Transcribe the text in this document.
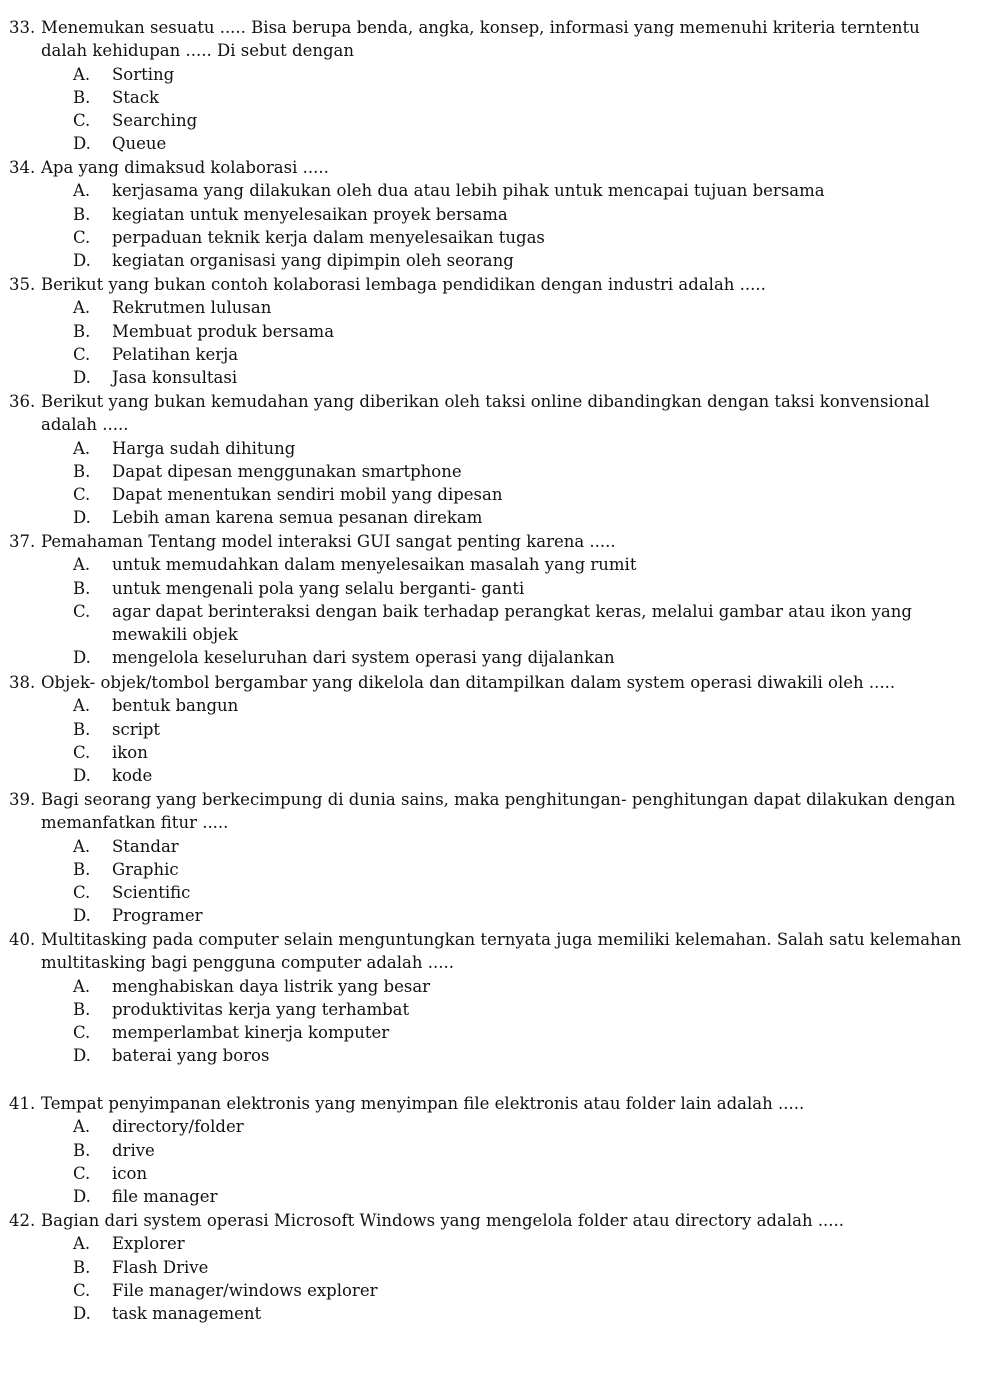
33. Menemukan sesuatu ..... Bisa berupa benda, angka, konsep, informasi yang memenuhi kriteria terntentu dalah kehidupan ..... Di sebut dengan
A.	Sorting
B.	Stack
C.	Searching
D.	Queue
34. Apa yang dimaksud kolaborasi .....
A.	kerjasama yang dilakukan oleh dua atau lebih pihak untuk mencapai tujuan bersama
B.	kegiatan untuk menyelesaikan proyek bersama
C.	perpaduan teknik kerja dalam menyelesaikan tugas
D.	kegiatan organisasi yang dipimpin oleh seorang
35. Berikut yang bukan contoh kolaborasi lembaga pendidikan dengan industri adalah .....
A.	Rekrutmen lulusan
B.	Membuat produk bersama
C.	Pelatihan kerja
D.	Jasa konsultasi
36. Berikut yang bukan kemudahan yang diberikan oleh taksi online dibandingkan dengan taksi konvensional adalah .....
A.	Harga sudah dihitung
B.	Dapat dipesan menggunakan smartphone
C.	Dapat menentukan sendiri mobil yang dipesan
D.	Lebih aman karena semua pesanan direkam
37. Pemahaman Tentang model interaksi GUI sangat penting karena .....
A.	untuk memudahkan dalam menyelesaikan masalah yang rumit
B.	untuk mengenali pola yang selalu berganti- ganti
C.	agar dapat berinteraksi dengan baik terhadap perangkat keras, melalui gambar atau ikon yang mewakili objek
D.	mengelola keseluruhan dari system operasi yang dijalankan
38. Objek- objek/tombol bergambar yang dikelola dan ditampilkan dalam system operasi diwakili oleh .....
A.	bentuk bangun
B.	script
C.	ikon
D.	kode
39. Bagi seorang yang berkecimpung di dunia sains, maka penghitungan- penghitungan dapat dilakukan dengan memanfatkan fitur .....
A.	Standar
B.	Graphic
C.	Scientific
D.	Programer
40. Multitasking pada computer selain menguntungkan ternyata juga memiliki kelemahan. Salah satu kelemahan multitasking bagi pengguna computer adalah .....
A.	menghabiskan daya listrik yang besar
B.	produktivitas kerja yang terhambat
C.	memperlambat kinerja komputer
D.	baterai yang boros
41. Tempat penyimpanan elektronis yang menyimpan file elektronis atau folder lain adalah .....
A.	directory/folder
B.	drive
C.	icon
D.	file manager
42. Bagian dari system operasi Microsoft Windows yang mengelola folder atau directory adalah .....
A.	Explorer
B.	Flash Drive
C.	File manager/windows explorer
D.	task management
